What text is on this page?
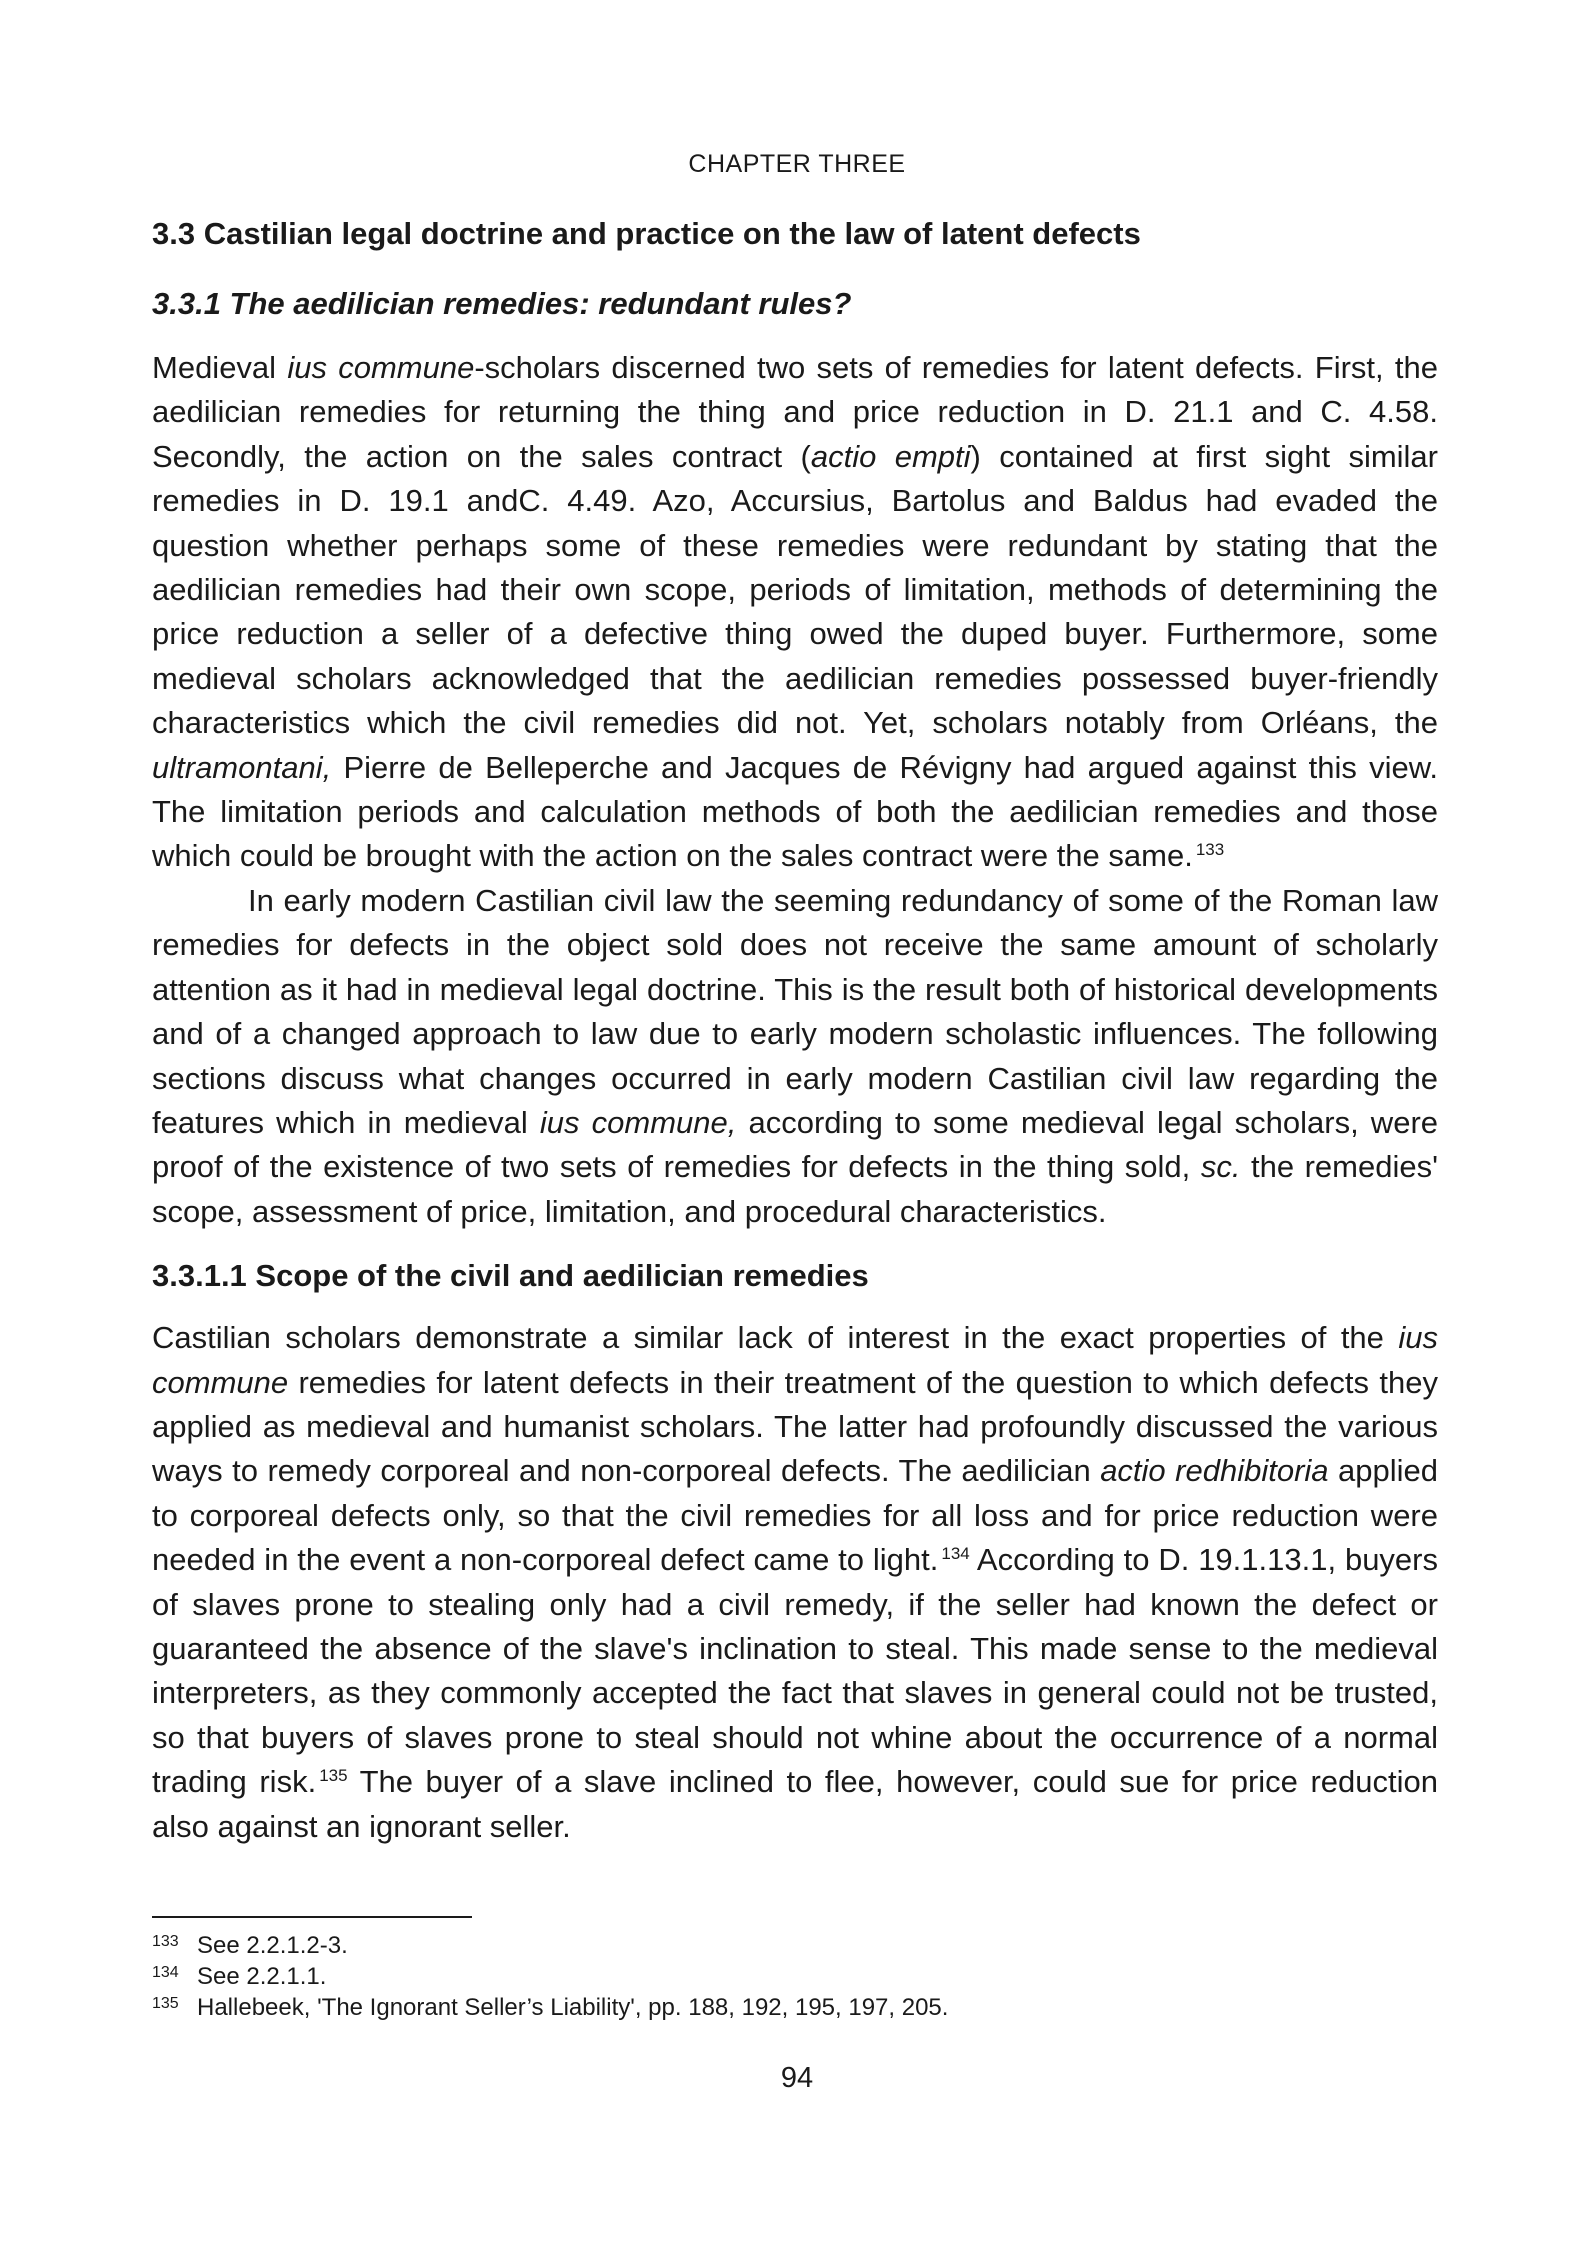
CHAPTER THREE

3.3 Castilian legal doctrine and practice on the law of latent defects
3.3.1 The aedilician remedies: redundant rules?

Medieval ius commune-scholars discerned two sets of remedies for latent defects. First, the aedilician remedies for returning the thing and price reduction in D. 21.1 and C. 4.58. Secondly, the action on the sales contract (actio empti) contained at first sight similar remedies in D. 19.1 andC. 4.49. Azo, Accursius, Bartolus and Baldus had evaded the question whether perhaps some of these remedies were redundant by stating that the aedilician remedies had their own scope, periods of limitation, methods of determining the price reduction a seller of a defective thing owed the duped buyer. Furthermore, some medieval scholars acknowledged that the aedilician remedies possessed buyer-friendly characteristics which the civil remedies did not. Yet, scholars notably from Orléans, the ultramontani, Pierre de Belleperche and Jacques de Révigny had argued against this view. The limitation periods and calculation methods of both the aedilician remedies and those which could be brought with the action on the sales contract were the same. $^{133}$

In early modern Castilian civil law the seeming redundancy of some of the Roman law remedies for defects in the object sold does not receive the same amount of scholarly attention as it had in medieval legal doctrine. This is the result both of historical developments and of a changed approach to law due to early modern scholastic influences. The following sections discuss what changes occurred in early modern Castilian civil law regarding the features which in medieval ius commune, according to some medieval legal scholars, were proof of the existence of two sets of remedies for defects in the thing sold, sc. the remedies' scope, assessment of price, limitation, and procedural characteristics.

3.3.1.1 Scope of the civil and aedilician remedies

Castilian scholars demonstrate a similar lack of interest in the exact properties of the ius commune remedies for latent defects in their treatment of the question to which defects they applied as medieval and humanist scholars. The latter had profoundly discussed the various ways to remedy corporeal and non-corporeal defects. The aedilician actio redhibitoria applied to corporeal defects only, so that the civil remedies for all loss and for price reduction were needed in the event a non-corporeal defect came to light. $^{134}$ According to D. 19.1.13.1, buyers of slaves prone to stealing only had a civil remedy, if the seller had known the defect or guaranteed the absence of the slave's inclination to steal. This made sense to the medieval interpreters, as they commonly accepted the fact that slaves in general could not be trusted, so that buyers of slaves prone to steal should not whine about the occurrence of a normal trading risk. $^{135}$ The buyer of a slave inclined to flee, however, could sue for price reduction also against an ignorant seller.

133 See 2.2.1.2-3.
134 See 2.2.1.1.
135 Hallebeek, 'The Ignorant Seller’s Liability', pp. 188, 192, 195, 197, 205.

94
